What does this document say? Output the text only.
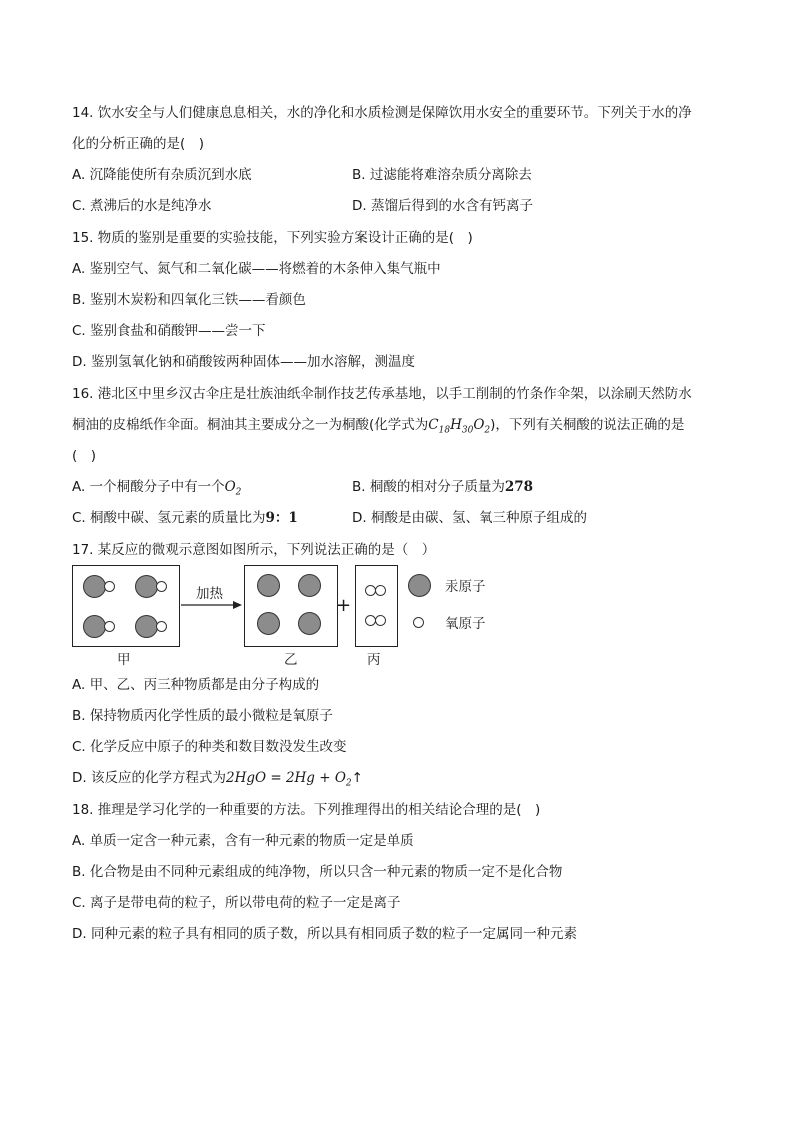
14. 饮水安全与人们健康息息相关，水的净化和水质检测是保障饮用水安全的重要环节。下列关于水的净
化的分析正确的是(　)
A. 沉降能使所有杂质沉到水底	B. 过滤能将难溶杂质分离除去
C. 煮沸后的水是纯净水	D. 蒸馏后得到的水含有钙离子
15. 物质的鉴别是重要的实验技能，下列实验方案设计正确的是(　)
A. 鉴别空气、氮气和二氧化碳——将燃着的木条伸入集气瓶中
B. 鉴别木炭粉和四氧化三铁——看颜色
C. 鉴别食盐和硝酸钾——尝一下
D. 鉴别氢氧化钠和硝酸铵两种固体——加水溶解，测温度
16. 港北区中里乡汉古伞庄是壮族油纸伞制作技艺传承基地，以手工削制的竹条作伞架，以涂刷天然防水
桐油的皮棉纸作伞面。桐油其主要成分之一为桐酸(化学式为$C_{18}H_{30}O_2$)，下列有关桐酸的说法正确的是
(　)
A. 一个桐酸分子中有一个$O_2$	B. 桐酸的相对分子质量为278
C. 桐酸中碳、氢元素的质量比为9：1	D. 桐酸是由碳、氢、氧三种原子组成的
17. 某反应的微观示意图如图所示，下列说法正确的是（　）
甲
加热
乙
+
丙
汞原子
氧原子
A. 甲、乙、丙三种物质都是由分子构成的
B. 保持物质丙化学性质的最小微粒是氧原子
C. 化学反应中原子的种类和数目数没发生改变
D. 该反应的化学方程式为$2HgO = 2Hg + O_2↑$
18. 推理是学习化学的一种重要的方法。下列推理得出的相关结论合理的是(　)
A. 单质一定含一种元素，含有一种元素的物质一定是单质
B. 化合物是由不同种元素组成的纯净物，所以只含一种元素的物质一定不是化合物
C. 离子是带电荷的粒子，所以带电荷的粒子一定是离子
D. 同种元素的粒子具有相同的质子数，所以具有相同质子数的粒子一定属同一种元素
